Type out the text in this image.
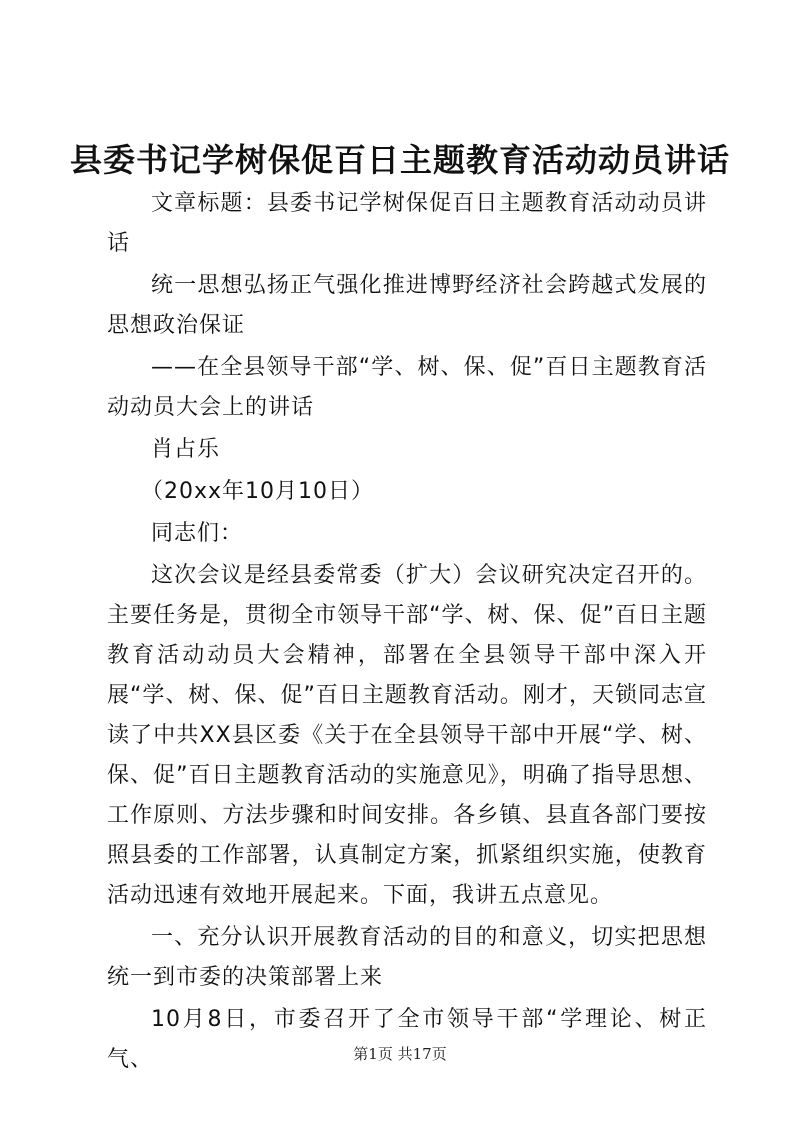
县委书记学树保促百日主题教育活动动员讲话

文章标题：县委书记学树保促百日主题教育活动动员讲话

统一思想弘扬正气强化推进博野经济社会跨越式发展的思想政治保证

——在全县领导干部“学、树、保、促”百日主题教育活动动员大会上的讲话

肖占乐

（20xx年10月10日）

同志们：

这次会议是经县委常委（扩大）会议研究决定召开的。主要任务是，贯彻全市领导干部“学、树、保、促”百日主题教育活动动员大会精神，部署在全县领导干部中深入开展“学、树、保、促”百日主题教育活动。刚才，天锁同志宣读了中共XX县区委《关于在全县领导干部中开展“学、树、保、促”百日主题教育活动的实施意见》，明确了指导思想、工作原则、方法步骤和时间安排。各乡镇、县直各部门要按照县委的工作部署，认真制定方案，抓紧组织实施，使教育活动迅速有效地开展起来。下面，我讲五点意见。

一、充分认识开展教育活动的目的和意义，切实把思想统一到市委的决策部署上来

10月8日，市委召开了全市领导干部“学理论、树正气、	第1页 共17页
